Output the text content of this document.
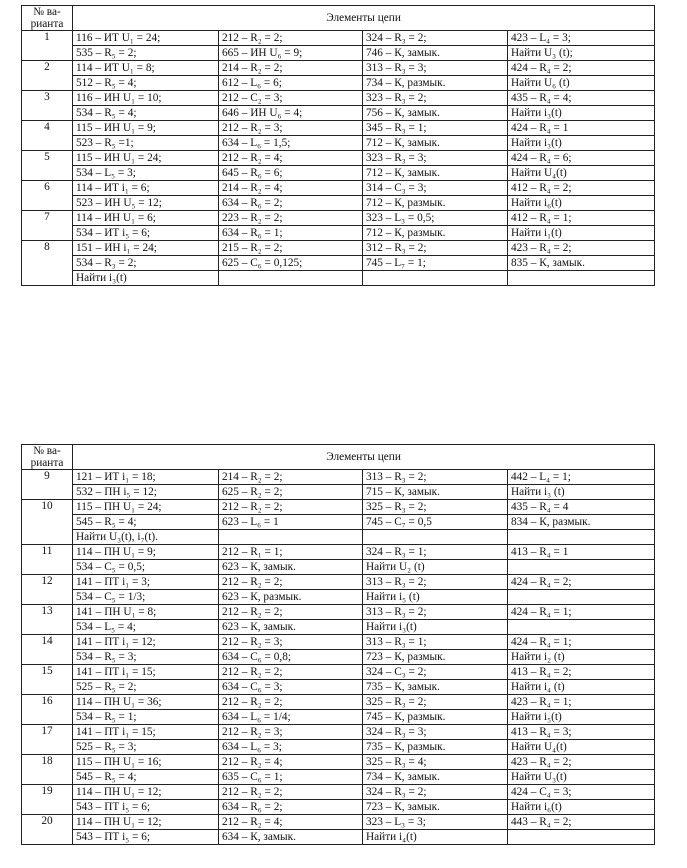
№ ва-
рианта	Элементы цепи			
1	116 – ИТ U₁ = 24;	212 – R₂ = 2;	324 – R₃ = 2;	423 – L₄ = 3;
	535 – R₅ = 2;	665 – ИН U₆ = 9;	746 – К, замык.	Найти U₃ (t);
2	114 – ИТ U₁ = 8;	214 – R₂ = 2;	313 – R₃ = 3;	424 – R₄ = 2;
	512 – R₅ = 4;	612 – L₆ = 6;	734 – К, размык.	Найти U₆ (t)
3	116 – ИН U₁ = 10;	212 – C₂ = 3;	323 – R₃ = 2;	435 – R₄ = 4;
	534 – R₅ = 4;	646 – ИН U₆ = 4;	756 – К, замык.	Найти i₃(t)
4	115 – ИН U₁ = 9;	212 – R₂ = 3;	345 – R₃ = 1;	424 – R₄ = 1
	523 – R₅ =1;	634 – L₆ = 1,5;	712 – К, замык.	Найти i₃(t)
5	115 – ИН U₁ = 24;	212 – R₂ = 4;	323 – R₃ = 3;	424 – R₄ = 6;
	534 – L₅ = 3;	645 – R₆ = 6;	712 – К, замык.	Найти U₄(t)
6	114 – ИТ i₁ = 6;	214 – R₂ = 4;	314 – C₃ = 3;	412 – R₄ = 2;
	523 – ИН U₅ = 12;	634 – R₆ = 2;	712 – К, размык.	Найти i₆(t)
7	114 – ИН U₁ = 6;	223 – R₂ = 2;	323 – L₃ = 0,5;	412 – R₄ = 1;
	534 – ИТ i₅ = 6;	634 – R₆ = 1;	712 – К, размык.	Найти i₁(t)
8	151 – ИН i₁ = 24;	215 – R₂ = 2;	312 – R₃ = 2;	423 – R₄ = 2;
	534 – R₃ = 2;	625 – C₆ = 0,125;	745 – L₇ = 1;	835 – К, замык.
	Найти i₃(t)			
№ ва-
рианта	Элементы цепи			
9	121 – ИТ i₁ = 18;	214 – R₂ = 2;	313 – R₃ = 2;	442 – L₄ = 1;
	532 – ПН i₅ = 12;	625 – R₂ = 2;	715 – К, замык.	Найти i₃ (t)
10	115 – ПН U₁ = 24;	212 – R₂ = 2;	325 – R₃ = 2;	435 – R₄ = 4
	545 – R₅ = 4;	623 – L₆ = 1	745 – C₇ = 0,5	834 – К, размык.
	Найти U₃(t), i₇(t).			
11	114 – ПН U₁ = 9;	212 – R₁ = 1;	324 – R₃ = 1;	413 – R₄ = 1
	534 – C₅ = 0,5;	623 – К, замык.	Найти U₂ (t)	
12	141 – ПТ i₁ = 3;	212 – R₂ = 2;	313 – R₃ = 2;	424 – R₄ = 2;
	534 – C₅ = 1/3;	623 – К, размык.	Найти i₅ (t)	
13	141 – ПН U₁ = 8;	212 – R₂ = 2;	313 – R₃ = 2;	424 – R₄ = 1;
	534 – L₅ = 4;	623 – К, замык.	Найти i₃(t)	
14	141 – ПТ i₁ = 12;	212 – R₂ = 3;	313 – R₃ = 1;	424 – R₄ = 1;
	534 – R₅ = 3;	634 – C₆ = 0,8;	723 – К, размык.	Найти i₂ (t)
15	141 – ПТ i₁ = 15;	212 – R₂ = 2;	324 – C₃ = 2;	413 – R₄ = 2;
	525 – R₅ = 2;	634 – C₆ = 3;	735 – К, замык.	Найти i₄ (t)
16	114 – ПН U₁ = 36;	212 – R₂ = 2;	325 – R₃ = 2;	423 – R₄ = 1;
	534 – R₅ = 1;	634 – L₆ = 1/4;	745 – К, размык.	Найти i₅(t)
17	141 – ПТ i₁ = 15;	212 – R₂ = 3;	324 – R₃ = 3;	413 – R₄ = 3;
	525 – R₅ = 3;	634 – L₆ = 3;	735 – К, размык.	Найти U₄(t)
18	115 – ПН U₁ = 16;	212 – R₂ = 4;	325 – R₃ = 4;	423 – R₄ = 2;
	545 – R₅ = 4;	635 – C₆ = 1;	734 – К, замык.	Найти U₃(t)
19	114 – ПН U₁ = 12;	212 – R₂ = 2;	324 – R₃ = 2;	424 – C₄ = 3;
	543 – ПТ i₅ = 6;	634 – R₆ = 2;	723 – К, замык.	Найти i₆(t)
20	114 – ПН U₁ = 12;	212 – R₂ = 4;	323 – L₃ = 3;	443 – R₄ = 2;
	543 – ПТ i₅ = 6;	634 – К, замык.	Найти i₄(t)	
